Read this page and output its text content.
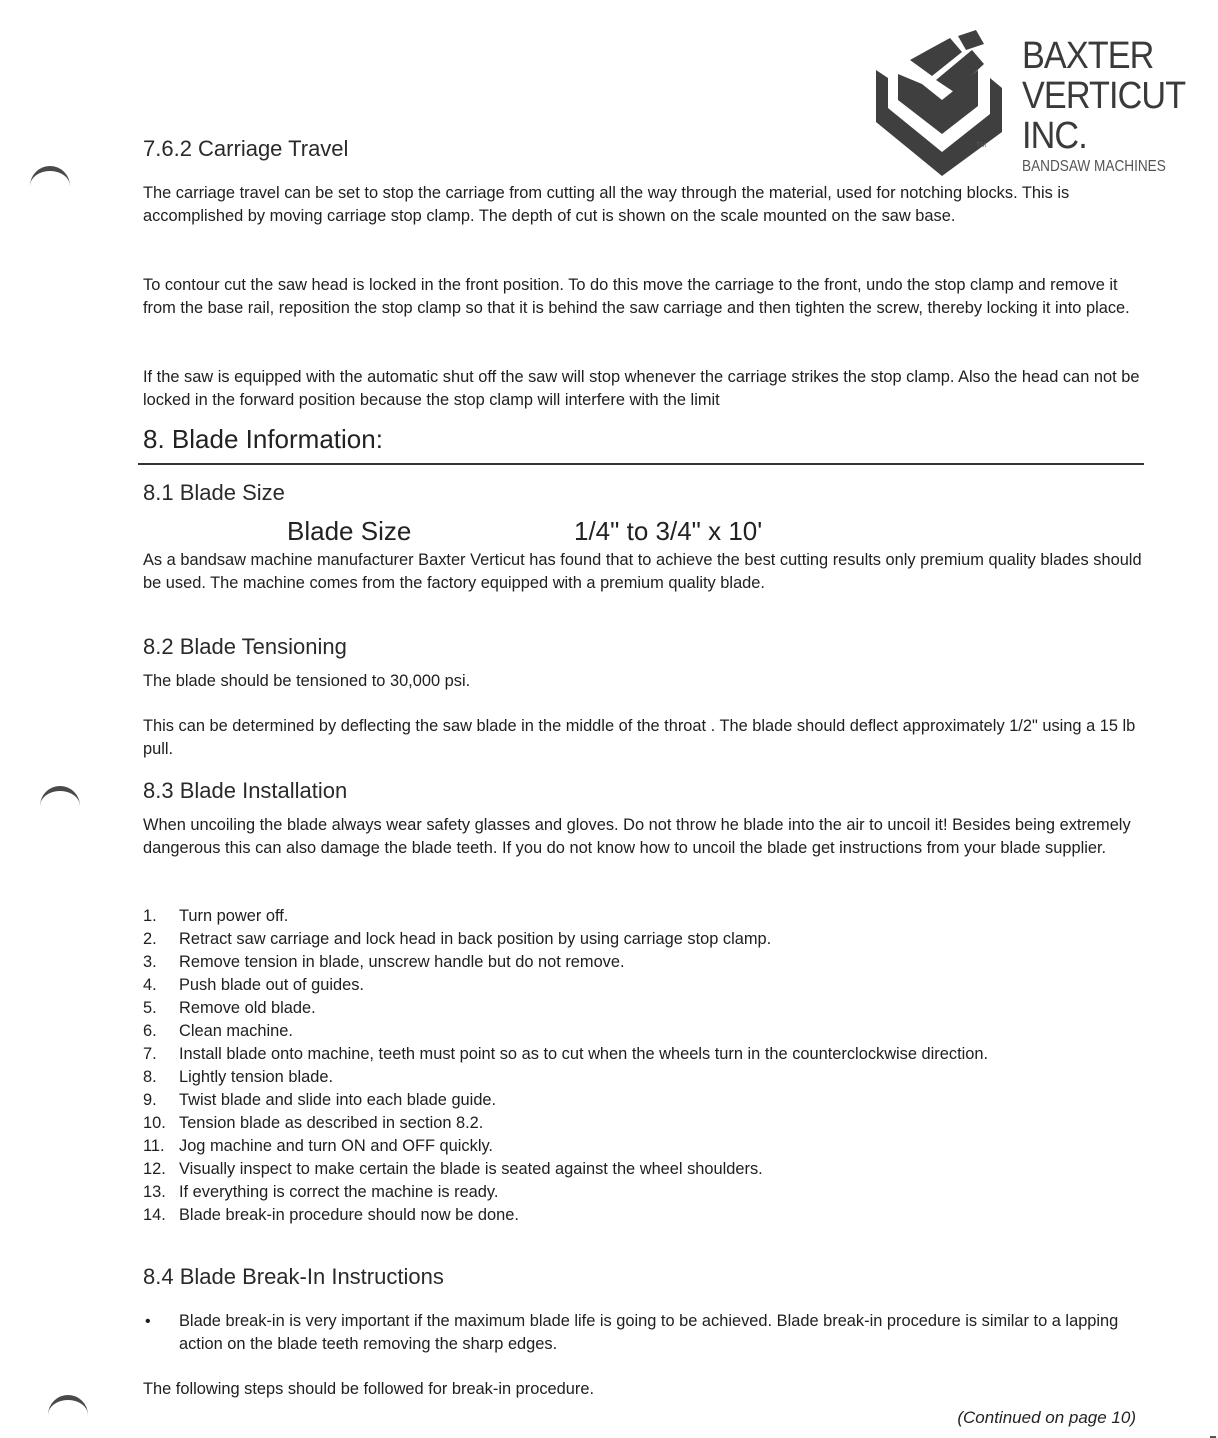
TM
BAXTER
VERTICUT
INC.
BANDSAW MACHINES
7.6.2 Carriage Travel
The carriage travel can be set to stop the carriage from cutting all the way through the material, used for notching blocks. This is accomplished by moving carriage stop clamp. The depth of cut is shown on the scale mounted on the saw base.
To contour cut the saw head is locked in the front position. To do this move the carriage to the front, undo the stop clamp and remove it from the base rail, reposition the stop clamp so that it is behind the saw carriage and then tighten the screw, thereby locking it into place.
If the saw is equipped with the automatic shut off the saw will stop whenever the carriage strikes the stop clamp. Also the head can not be locked in the forward position because the stop clamp will interfere with the limit
8. Blade Information:
8.1 Blade Size
Blade Size	1/4" to 3/4" x 10'
As a bandsaw machine manufacturer Baxter Verticut has found that to achieve the best cutting results only premium quality blades should be used. The machine comes from the factory equipped with a premium quality blade.
8.2 Blade Tensioning
The blade should be tensioned to 30,000 psi.
This can be determined by deflecting the saw blade in the middle of the throat . The blade should deflect approximately 1/2" using a 15 lb pull.
8.3 Blade Installation
When uncoiling the blade always wear safety glasses and gloves. Do not throw he blade into the air to uncoil it! Besides being extremely dangerous this can also damage the blade teeth. If you do not know how to uncoil the blade get instructions from your blade supplier.
1.	Turn power off.
2.	Retract saw carriage and lock head in back position by using carriage stop clamp.
3.	Remove tension in blade, unscrew handle but do not remove.
4.	Push blade out of guides.
5.	Remove old blade.
6.	Clean machine.
7.	Install blade onto machine, teeth must point so as to cut when the wheels turn in the counterclockwise direction.
8.	Lightly tension blade.
9.	Twist blade and slide into each blade guide.
10. Tension blade as described in section 8.2.
11. Jog machine and turn ON and OFF quickly.
12. Visually inspect to make certain the blade is seated against the wheel shoulders.
13. If everything is correct the machine is ready.
14. Blade break-in procedure should now be done.
8.4 Blade Break-In Instructions
•	Blade break-in is very important if the maximum blade life is going to be achieved. Blade break-in procedure is similar to a lapping action on the blade teeth removing the sharp edges.
The following steps should be followed for break-in procedure.
(Continued on page 10)
